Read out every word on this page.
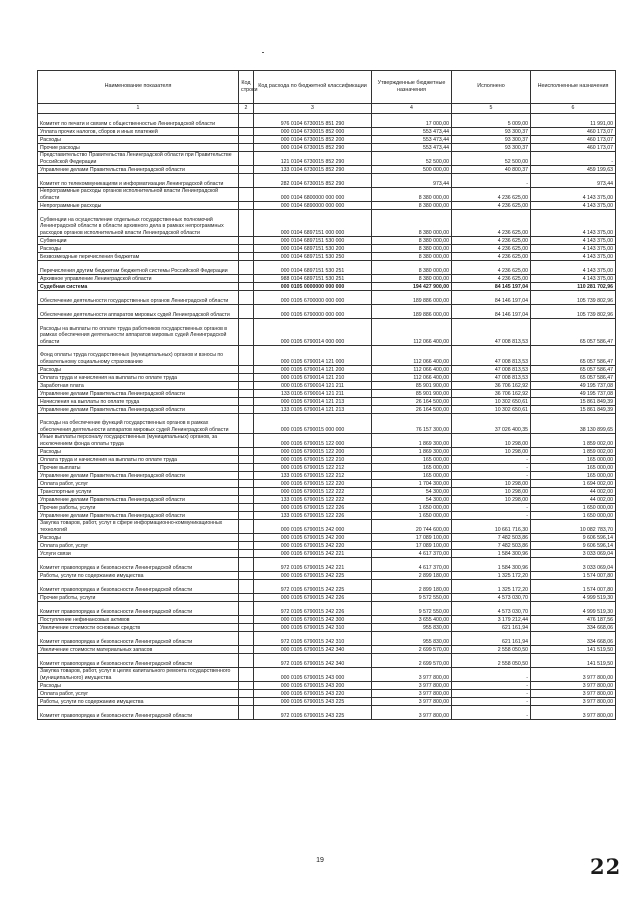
Наименование показателя	Код строки	Код расхода по бюджетной классификации	Утвержденные бюджетные назначения	Исполнено	Неисполненные назначения
1	2	3	4	5	6
Комитет по печати и связям с общественностью Ленинградской области		976 0104 6730015 851 290	17 000,00	5 009,00	11 991,00
Уплата прочих налогов, сборов и иных платежей		000 0104 6730015 852 000	553 473,44	93 300,37	460 173,07
Расходы		000 0104 6730015 852 200	553 473,44	93 300,37	460 173,07
Прочие расходы		000 0104 6730015 852 290	553 473,44	93 300,37	460 173,07
Представительство Правительства Ленинградской области при Правительстве Российской Федерации		121 0104 6730015 852 290	52 500,00	52 500,00	-
Управление делами Правительства Ленинградской области		133 0104 6730015 852 290	500 000,00	40 800,37	459 199,63
Комитет по телекоммуникациям и информатизации Ленинградской области		282 0104 6730015 852 290	973,44	-	973,44
Непрограммные расходы органов исполнительной власти Ленинградской области		000 0104 6800000 000 000	8 380 000,00	4 236 625,00	4 143 375,00
Непрограммные расходы		000 0104 6890000 000 000	8 380 000,00	4 236 625,00	4 143 375,00
Субвенции на осуществление отдельных государственных полномочий Ленинградской области в области архивного дела в рамках непрограммных расходов органов исполнительной власти Ленинградской области		000 0104 6897151 000 000	8 380 000,00	4 236 625,00	4 143 375,00
Субвенции		000 0104 6897151 530 000	8 380 000,00	4 236 625,00	4 143 375,00
Расходы		000 0104 6897151 530 200	8 380 000,00	4 236 625,00	4 143 375,00
Безвозмездные перечисления бюджетам		000 0104 6897151 530 250	8 380 000,00	4 236 625,00	4 143 375,00
Перечисления другим бюджетам бюджетной системы Российской Федерации		000 0104 6897151 530 251	8 380 000,00	4 236 625,00	4 143 375,00
Архивное управление Ленинградской области		988 0104 6897151 530 251	8 380 000,00	4 236 625,00	4 143 375,00
Судебная система		000 0105 0000000 000 000	194 427 900,00	84 145 197,04	110 281 702,96
Обеспечение деятельности государственных органов Ленинградской области		000 0105 6700000 000 000	189 886 000,00	84 146 197,04	105 739 802,96
Обеспечение деятельности аппаратов мировых судей Ленинградской области		000 0105 6790000 000 000	189 886 000,00	84 146 197,04	105 739 802,96
Расходы на выплаты по оплате труда работников государственных органов в рамках обеспечения деятельности аппаратов мировых судей Ленинградской области		000 0105 6790014 000 000	112 066 400,00	47 008 813,53	65 057 586,47
Фонд оплаты труда государственных (муниципальных) органов и взносы по обязательному социальному страхованию		000 0105 6790014 121 000	112 066 400,00	47 008 813,53	65 057 586,47
Расходы		000 0105 6790014 121 200	112 066 400,00	47 008 813,53	65 057 586,47
Оплата труда и начисления на выплаты по оплате труда		000 0105 6790014 121 210	112 066 400,00	47 008 813,53	65 057 586,47
Заработная плата		000 0105 6790014 121 211	85 901 900,00	36 706 162,92	49 195 737,08
Управление делами Правительства Ленинградской области		133 0105 6790014 121 211	85 901 900,00	36 706 162,92	49 195 737,08
Начисления на выплаты по оплате труда		000 0105 6790014 121 213	26 164 500,00	10 302 650,61	15 861 849,39
Управление делами Правительства Ленинградской области		133 0105 6790014 121 213	26 164 500,00	10 302 650,61	15 861 849,39
Расходы на обеспечение функций государственных органов в рамках обеспечения деятельности аппаратов мировых судей Ленинградской области		000 0105 6790015 000 000	76 157 300,00	37 026 400,35	38 130 899,65
Иные выплаты персоналу государственных (муниципальных) органов, за исключением фонда оплаты труда		000 0105 6790015 122 000	1 869 300,00	10 298,00	1 859 002,00
Расходы		000 0105 6790015 122 200	1 869 300,00	10 298,00	1 859 002,00
Оплата труда и начисления на выплаты по оплате труда		000 0105 6790015 122 210	165 000,00	-	165 000,00
Прочие выплаты		000 0105 6790015 122 212	165 000,00	-	165 000,00
Управление делами Правительства Ленинградской области		133 0105 6790015 122 212	165 000,00	-	165 000,00
Оплата работ, услуг		000 0105 6790015 122 220	1 704 300,00	10 298,00	1 694 002,00
Транспортные услуги		000 0105 6790015 122 222	54 300,00	10 298,00	44 002,00
Управление делами Правительства Ленинградской области		133 0105 6790015 122 222	54 300,00	10 298,00	44 002,00
Прочие работы, услуги		000 0105 6790015 122 226	1 650 000,00	-	1 650 000,00
Управление делами Правительства Ленинградской области		133 0105 6790015 122 226	1 650 000,00	-	1 650 000,00
Закупка товаров, работ, услуг в сфере информационно-коммуникационных технологий		000 0105 6790015 242 000	20 744 600,00	10 661 716,30	10 082 783,70
Расходы		000 0105 6790015 242 200	17 089 100,00	7 482 503,86	9 606 596,14
Оплата работ, услуг		000 0105 6790015 242 220	17 089 100,00	7 482 503,86	9 606 596,14
Услуги связи		000 0105 6790015 242 221	4 617 370,00	1 584 300,96	3 033 069,04
Комитет правопорядка и безопасности Ленинградской области		972 0105 6790015 242 221	4 617 370,00	1 584 300,96	3 033 069,04
Работы, услуги по содержанию имущества		000 0105 6790015 242 225	2 899 180,00	1 325 172,20	1 574 007,80
Комитет правопорядка и безопасности Ленинградской области		972 0105 6790015 242 225	2 899 180,00	1 325 172,20	1 574 007,80
Прочие работы, услуги		000 0105 6790015 242 226	9 572 550,00	4 573 030,70	4 999 519,30
Комитет правопорядка и безопасности Ленинградской области		972 0105 6790015 242 226	9 572 550,00	4 573 030,70	4 999 519,30
Поступление нефинансовых активов		000 0105 6790015 242 300	3 655 400,00	3 179 212,44	476 187,56
Увеличение стоимости основных средств		000 0105 6790015 242 310	955 830,00	621 161,94	334 668,06
Комитет правопорядка и безопасности Ленинградской области		972 0105 6790015 242 310	955 830,00	621 161,94	334 668,06
Увеличение стоимости материальных запасов		000 0105 6790015 242 340	2 699 570,00	2 558 050,50	141 519,50
Комитет правопорядка и безопасности Ленинградской области		972 0105 6790015 242 340	2 699 570,00	2 558 050,50	141 519,50
Закупка товаров, работ, услуг в целях капитального ремонта государственного (муниципального) имущества		000 0105 6790015 243 000	3 977 800,00	-	3 977 800,00
Расходы		000 0105 6790015 243 200	3 977 800,00	-	3 977 800,00
Оплата работ, услуг		000 0105 6790015 243 220	3 977 800,00	-	3 977 800,00
Работы, услуги по содержанию имущества		000 0105 6790015 243 225	3 977 800,00	-	3 977 800,00
Комитет правопорядка и безопасности Ленинградской области		972 0105 6790015 243 225	3 977 800,00	-	3 977 800,00
19	22
